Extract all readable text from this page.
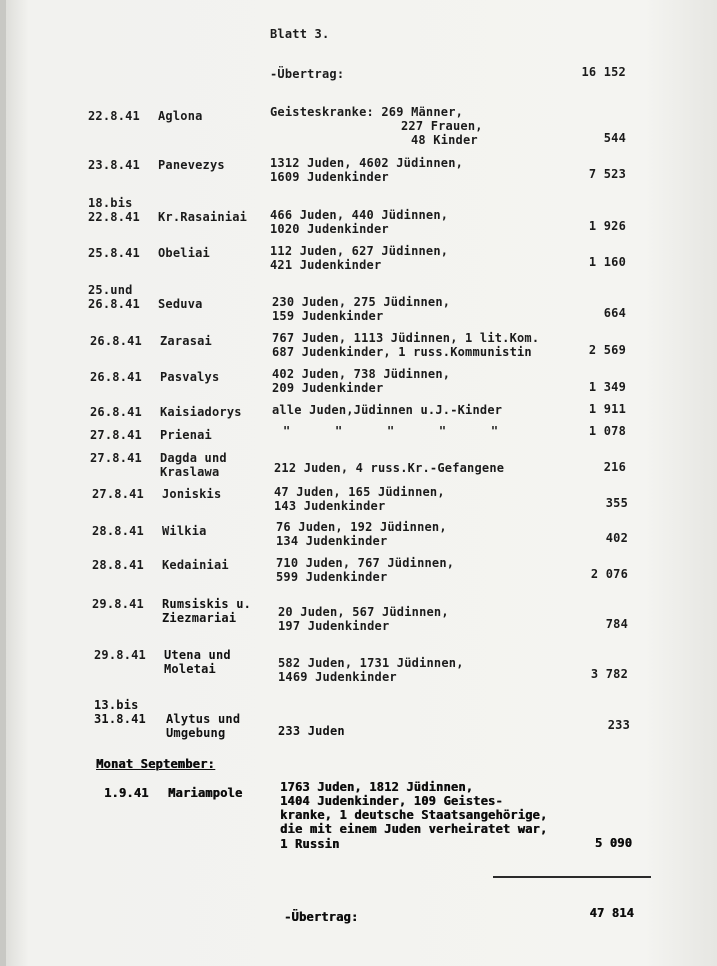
Blatt 3.
-Übertrag:	16 152
22.8.41 Aglona	Geisteskranke: 269 Männer,
227 Frauen,
48 Kinder	544
23.8.41 Panevezys	1312 Juden, 4602 Jüdinnen,
1609 Judenkinder	7 523
18.bis
22.8.41 Kr.Rasainiai 466 Juden, 440 Jüdinnen,
1020 Judenkinder	1 926
25.8.41 Obeliai	112 Juden, 627 Jüdinnen,
421 Judenkinder	1 160
25.und
26.8.41 Seduva	230 Juden, 275 Jüdinnen,
159 Judenkinder	664
26.8.41 Zarasai	767 Juden, 1113 Jüdinnen, 1 lit.Kom.
687 Judenkinder, 1 russ.Kommunistin	2 569
26.8.41 Pasvalys	402 Juden, 738 Jüdinnen,
209 Judenkinder	1 349
26.8.41 Kaisiadorys	alle Juden,Jüdinnen u.J.-Kinder	1 911
27.8.41 Prienai	"      "      "      "      "	1 078
27.8.41 Dagda und
Kraslawa	212 Juden, 4 russ.Kr.-Gefangene	216
27.8.41 Joniskis	47 Juden, 165 Jüdinnen,
143 Judenkinder	355
28.8.41 Wilkia	76 Juden, 192 Jüdinnen,
134 Judenkinder	402
28.8.41 Kedainiai	710 Juden, 767 Jüdinnen,
599 Judenkinder	2 076
29.8.41 Rumsiskis u.
Ziezmariai	20 Juden, 567 Jüdinnen,
197 Judenkinder	784
29.8.41 Utena und
Moletai	582 Juden, 1731 Jüdinnen,
1469 Judenkinder	3 782
13.bis
31.8.41 Alytus und
Umgebung	233 Juden	233
Monat September:
1.9.41 Mariampole	1763 Juden, 1812 Jüdinnen,
1404 Judenkinder, 109 Geistes-
kranke, 1 deutsche Staatsangehörige,
die mit einem Juden verheiratet war,
1 Russin	5 090
-Übertrag:	47 814
